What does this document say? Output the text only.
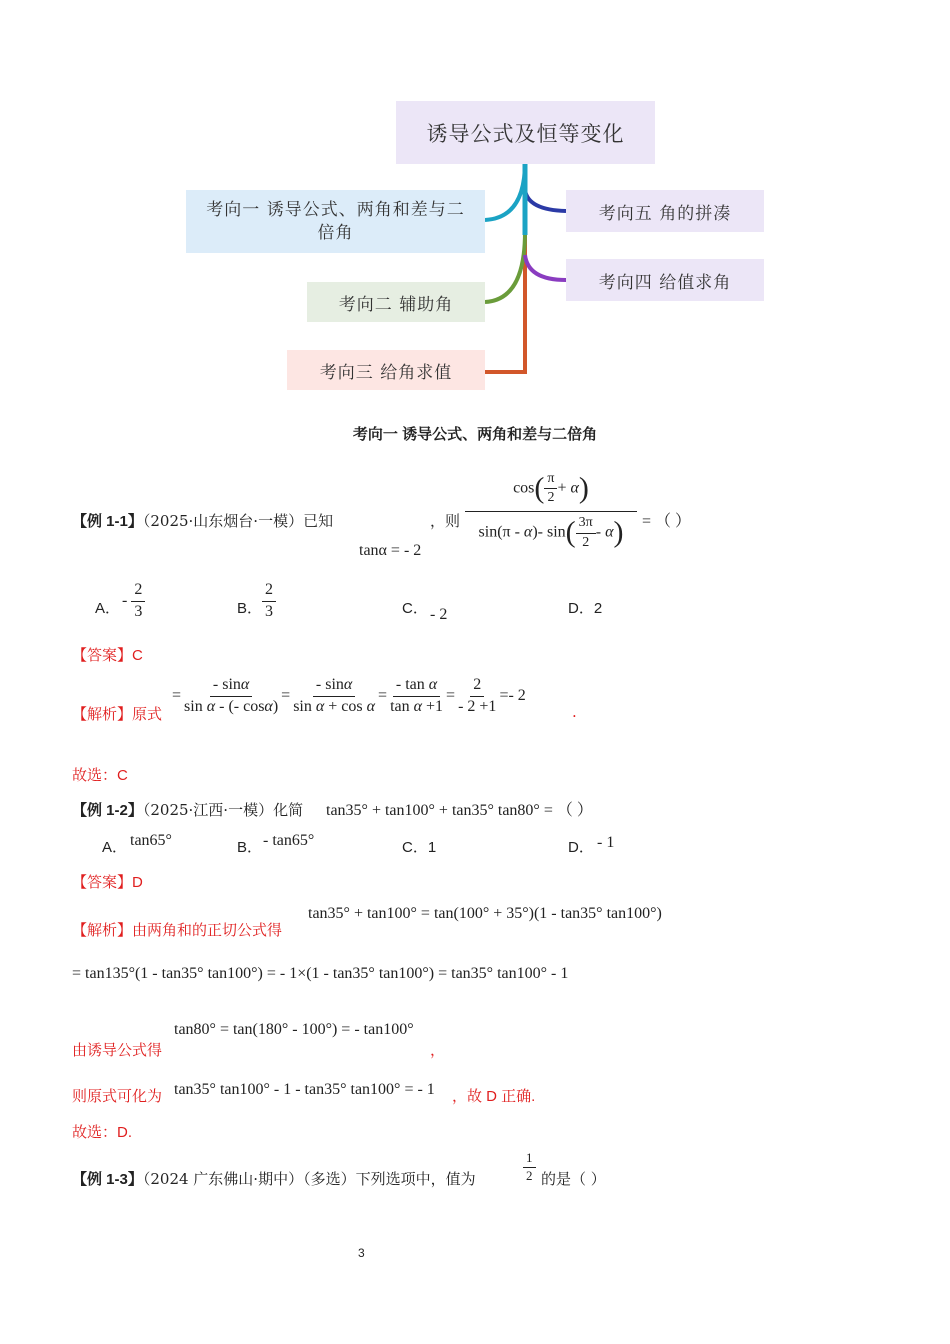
诱导公式及恒等变化
考向一 诱导公式、两角和差与二倍角
考向二 辅助角
考向三 给角求值
考向五 角的拼凑
考向四 给值求角
考向一 诱导公式、两角和差与二倍角
【例 1-1】（2025·山东烟台·一模）已知
tanα = - 2
，则
$\cos( \frac{\pi}{2} + \alpha)$
sin(π - α)- $\sin( \frac{3\pi}{2} - \alpha)$	= （ ）
A． - $\frac{2}{3}$	B． $\frac{2}{3}$	C． - 2	D．2
【答案】C
【解析】原式
= $\frac{- \sin\alpha}{\text{sin α - (- cosα)}} = \frac{- \sin\alpha}{\text{sin α + cos α}} = \frac{\text{- tan α}}{\text{tan α +1}} = \frac{2}{- 2 +1} =- 2$
.
故选：C
【例 1-2】（2025·江西·一模）化简 tan35° + tan100° + tan35° tan80° = （ ）
A． tan65°	B． - tan65°	C．1	D． - 1
【答案】D
【解析】由两角和的正切公式得
tan35° + tan100° = tan(100° + 35°)(1 - tan35° tan100°)
= tan135°(1 - tan35° tan100°) = - 1×(1 - tan35° tan100°) = tan35° tan100° - 1
tan80° = tan(180° - 100°) = - tan100°
由诱导公式得	，
则原式可化为 tan35° tan100° - 1 - tan35° tan100° = - 1 ，故 D 正确.
故选：D.
【例 1-3】（2024 广东佛山·期中）（多选）下列选项中，值为	$\frac{1}{2}$ 的是（ ）
3
